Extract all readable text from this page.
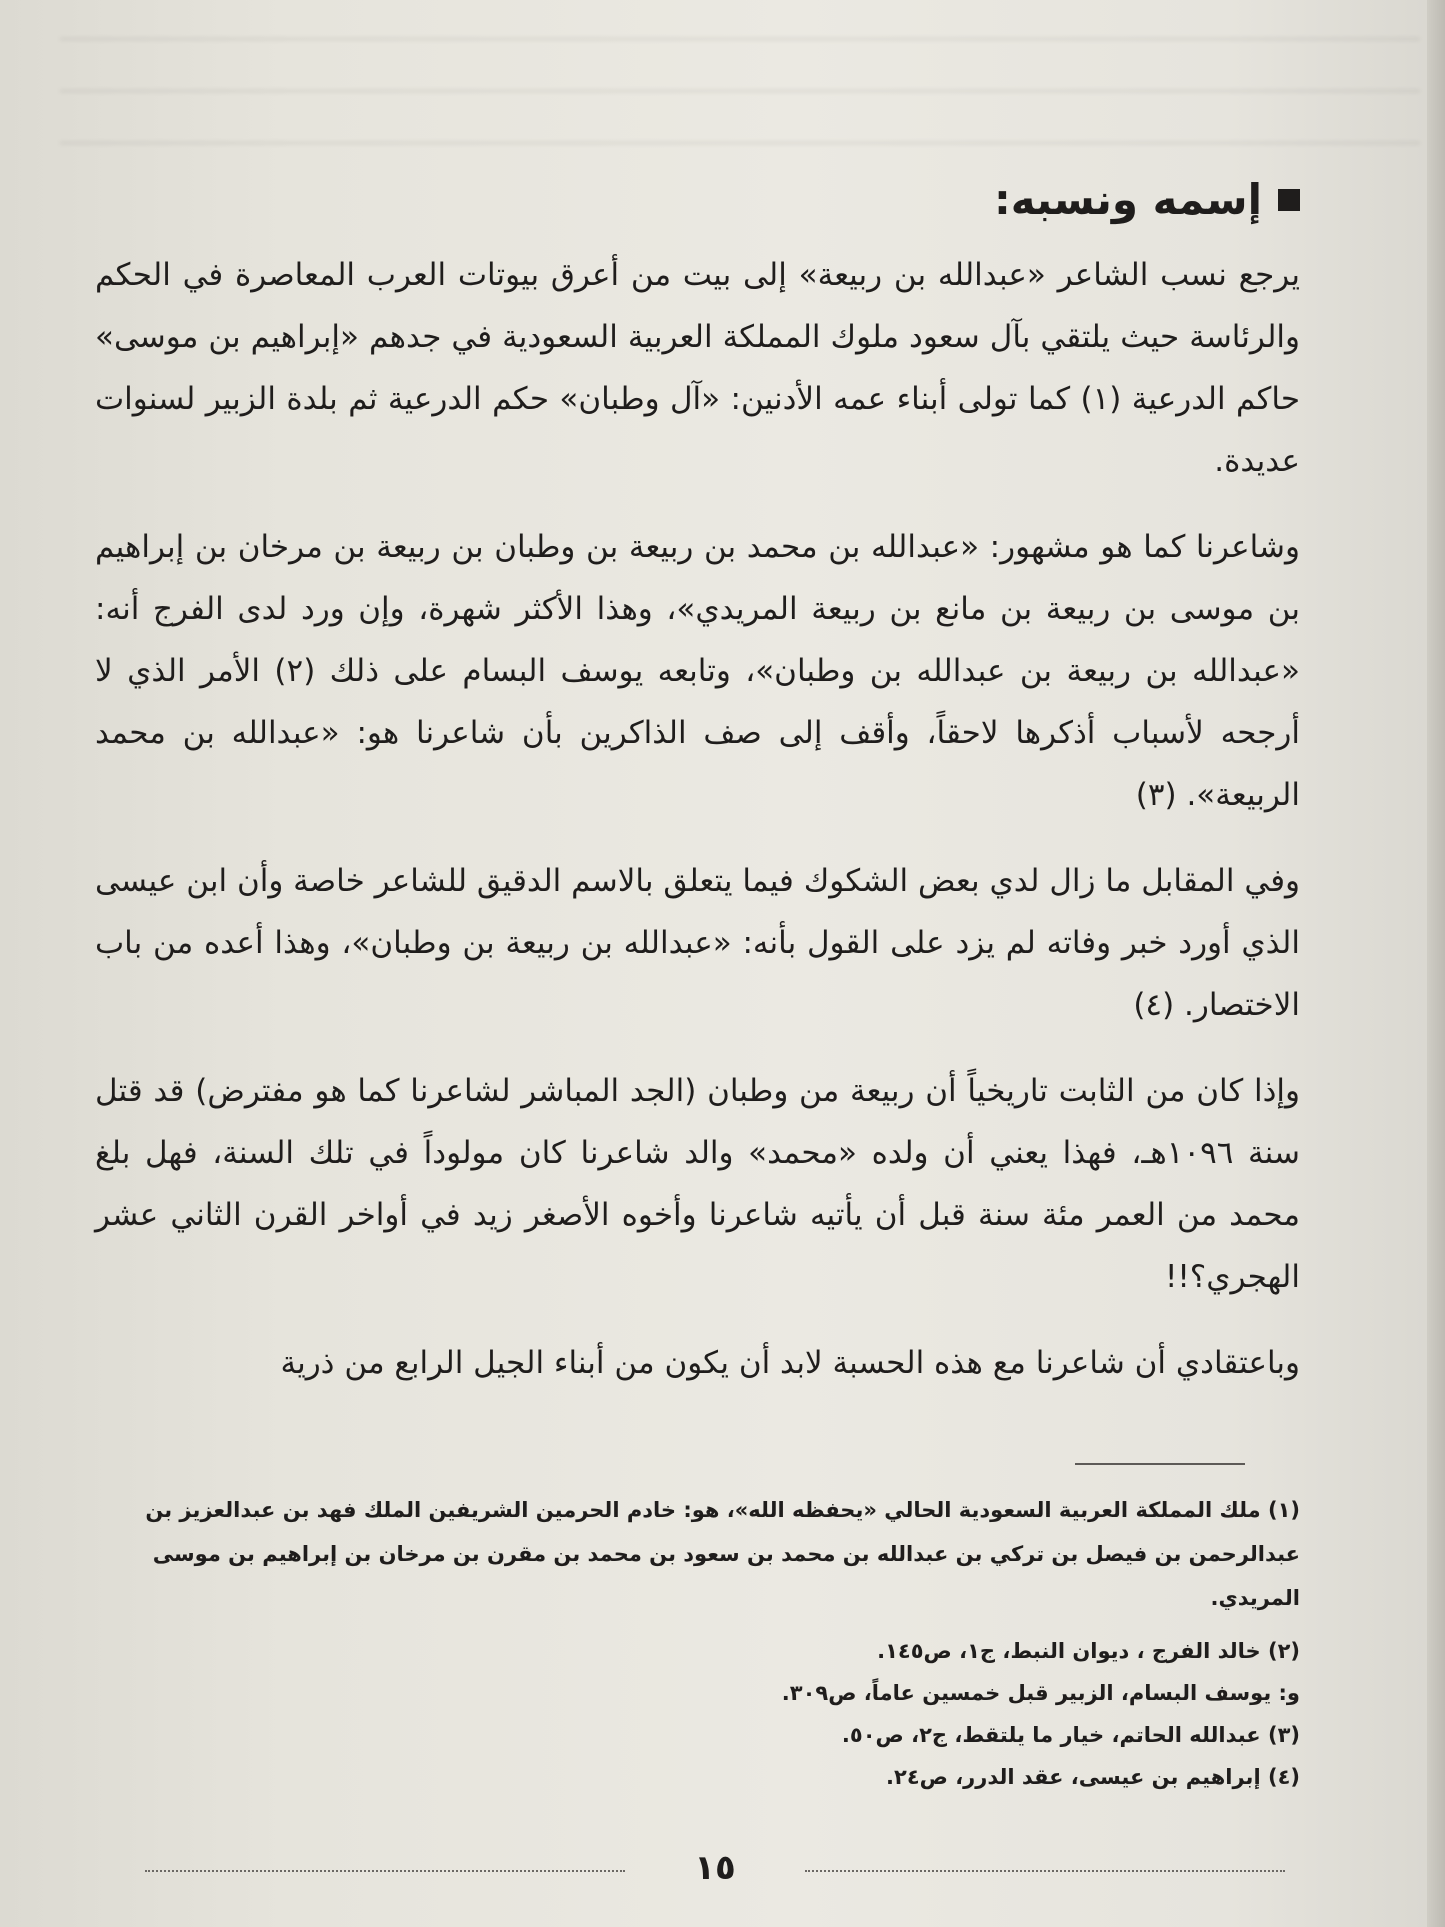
إسمه ونسبه:

يرجع نسب الشاعر «عبدالله بن ربيعة» إلى بيت من أعرق بيوتات العرب المعاصرة في الحكم والرئاسة حيث يلتقي بآل سعود ملوك المملكة العربية السعودية في جدهم «إبراهيم بن موسى» حاكم الدرعية (١) كما تولى أبناء عمه الأدنين: «آل وطبان» حكم الدرعية ثم بلدة الزبير لسنوات عديدة.

وشاعرنا كما هو مشهور: «عبدالله بن محمد بن ربيعة بن وطبان بن ربيعة بن مرخان بن إبراهيم بن موسى بن ربيعة بن مانع بن ربيعة المريدي»، وهذا الأكثر شهرة، وإن ورد لدى الفرج أنه: «عبدالله بن ربيعة بن عبدالله بن وطبان»، وتابعه يوسف البسام على ذلك (٢) الأمر الذي لا أرجحه لأسباب أذكرها لاحقاً، وأقف إلى صف الذاكرين بأن شاعرنا هو: «عبدالله بن محمد الربيعة». (٣)

وفي المقابل ما زال لدي بعض الشكوك فيما يتعلق بالاسم الدقيق للشاعر خاصة وأن ابن عيسى الذي أورد خبر وفاته لم يزد على القول بأنه: «عبدالله بن ربيعة بن وطبان»، وهذا أعده من باب الاختصار. (٤)

وإذا كان من الثابت تاريخياً أن ربيعة من وطبان (الجد المباشر لشاعرنا كما هو مفترض) قد قتل سنة ١٠٩٦هـ، فهذا يعني أن ولده «محمد» والد شاعرنا كان مولوداً في تلك السنة، فهل بلغ محمد من العمر مئة سنة قبل أن يأتيه شاعرنا وأخوه الأصغر زيد في أواخر القرن الثاني عشر الهجري؟!!

وباعتقادي أن شاعرنا مع هذه الحسبة لابد أن يكون من أبناء الجيل الرابع من ذرية

(١) ملك المملكة العربية السعودية الحالي «يحفظه الله»، هو: خادم الحرمين الشريفين الملك فهد بن عبدالعزيز بن عبدالرحمن بن فيصل بن تركي بن عبدالله بن محمد بن سعود بن محمد بن مقرن بن مرخان بن إبراهيم بن موسى المريدي.

(٢) خالد الفرج ، ديوان النبط، ج١، ص١٤٥.

و: يوسف البسام، الزبير قبل خمسين عاماً، ص٣٠٩.

(٣) عبدالله الحاتم، خيار ما يلتقط، ج٢، ص٥٠.

(٤) إبراهيم بن عيسى، عقد الدرر، ص٢٤.

١٥
